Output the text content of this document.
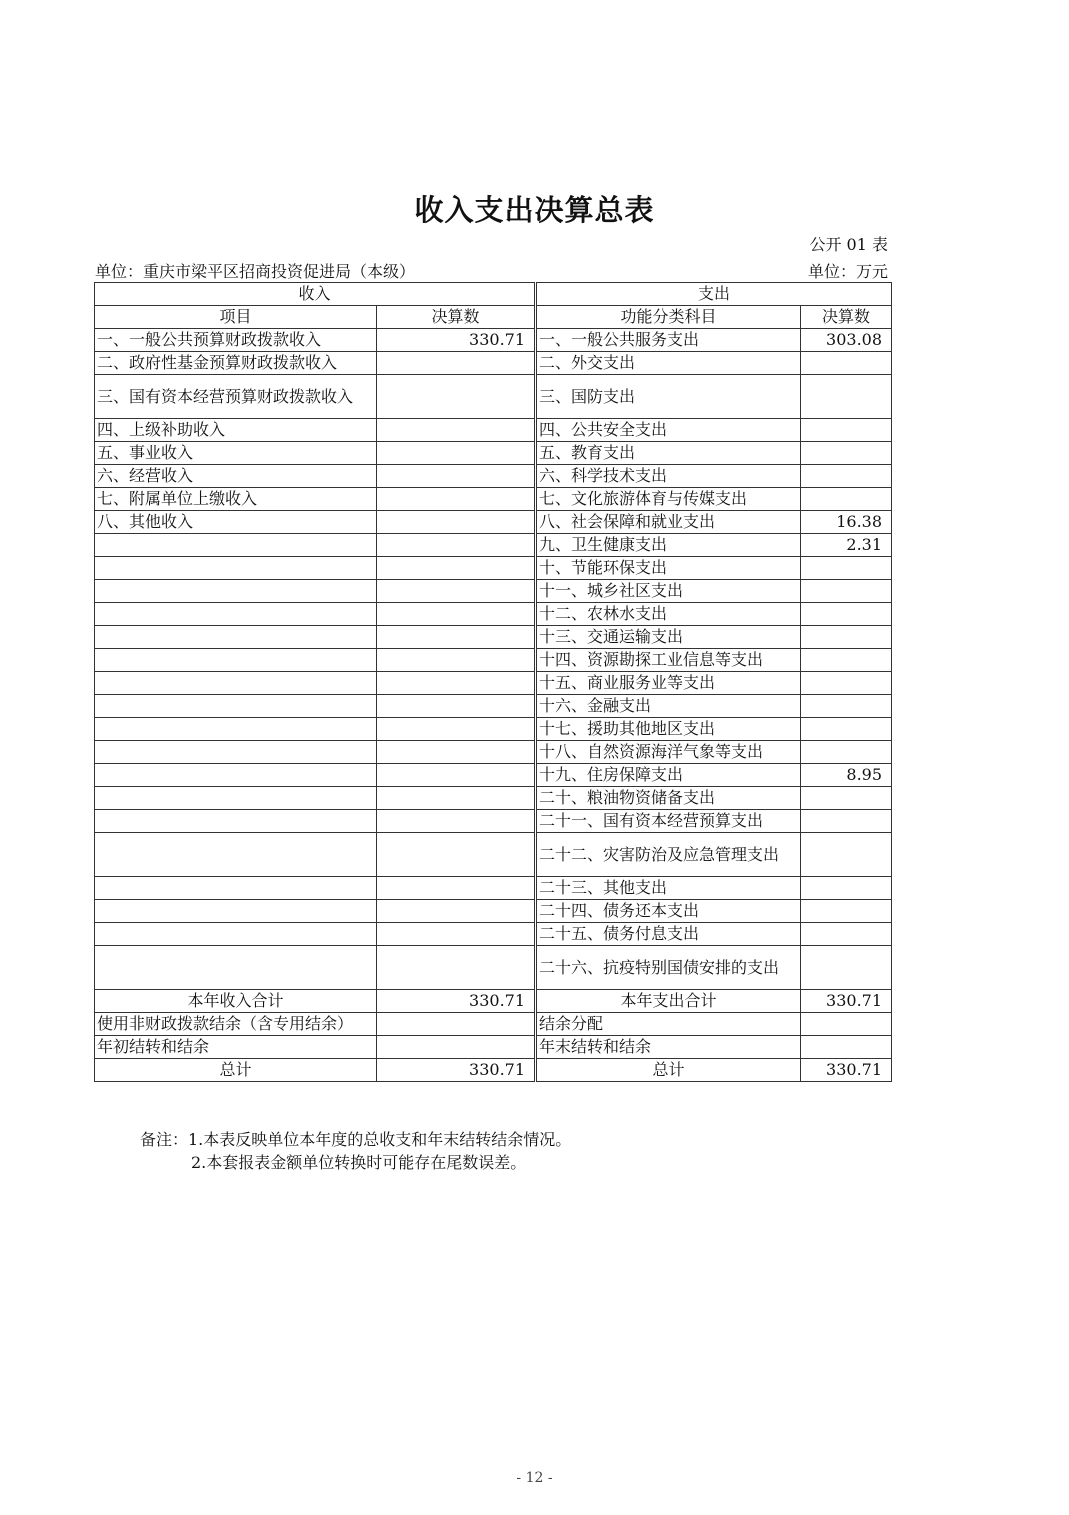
收入支出决算总表
公开 01 表
单位：重庆市梁平区招商投资促进局（本级）	单位：万元
收入			支出	
项目	决算数		功能分类科目	决算数
一、一般公共预算财政拨款收入	330.71		一、一般公共服务支出	303.08
二、政府性基金预算财政拨款收入			二、外交支出	
三、国有资本经营预算财政拨款收入			三、国防支出	
四、上级补助收入			四、公共安全支出	
五、事业收入			五、教育支出	
六、经营收入			六、科学技术支出	
七、附属单位上缴收入			七、文化旅游体育与传媒支出	
八、其他收入			八、社会保障和就业支出	16.38
			九、卫生健康支出	2.31
			十、节能环保支出	
			十一、城乡社区支出	
			十二、农林水支出	
			十三、交通运输支出	
			十四、资源勘探工业信息等支出	
			十五、商业服务业等支出	
			十六、金融支出	
			十七、援助其他地区支出	
			十八、自然资源海洋气象等支出	
			十九、住房保障支出	8.95
			二十、粮油物资储备支出	
			二十一、国有资本经营预算支出	
			二十二、灾害防治及应急管理支出	
			二十三、其他支出	
			二十四、债务还本支出	
			二十五、债务付息支出	
			二十六、抗疫特别国债安排的支出	
本年收入合计	330.71		本年支出合计	330.71
使用非财政拨款结余（含专用结余）			结余分配	
年初结转和结余			年末结转和结余	
总计	330.71		总计	330.71
备注：1.本表反映单位本年度的总收支和年末结转结余情况。
2.本套报表金额单位转换时可能存在尾数误差。
- 12 -
